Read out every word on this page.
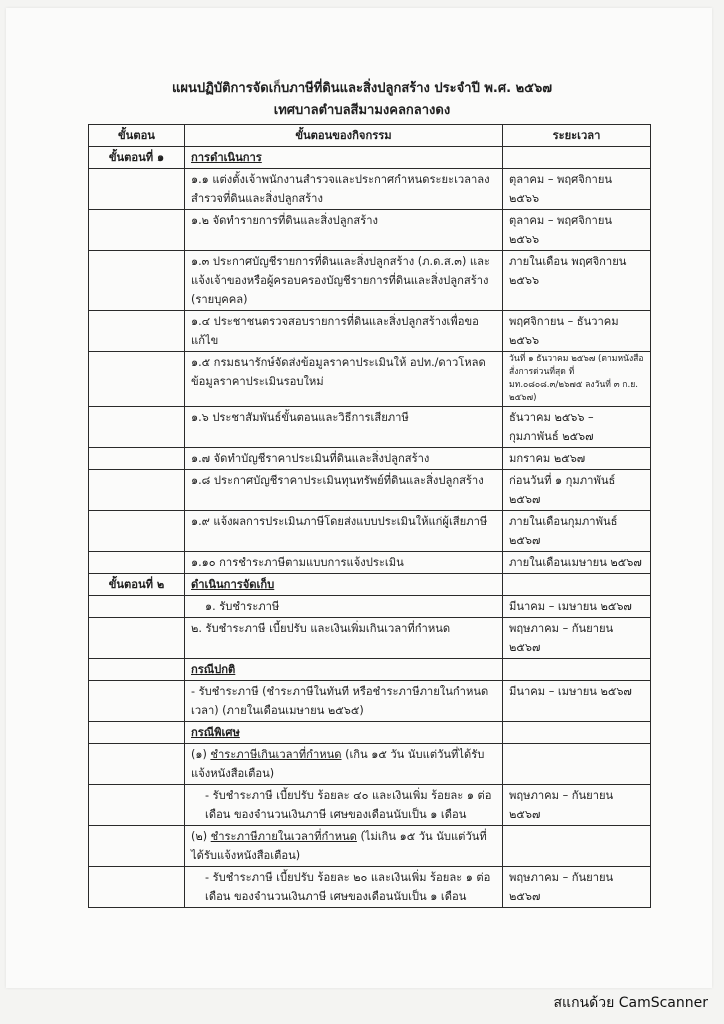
แผนปฏิบัติการจัดเก็บภาษีที่ดินและสิ่งปลูกสร้าง ประจำปี พ.ศ. ๒๕๖๗
เทศบาลตำบลสีมามงคลกลางดง
ขั้นตอน	ขั้นตอนของกิจกรรม	ระยะเวลา
ขั้นตอนที่ ๑	การดำเนินการ	
	๑.๑ แต่งตั้งเจ้าพนักงานสำรวจและประกาศกำหนดระยะเวลาลงสำรวจที่ดินและสิ่งปลูกสร้าง	ตุลาคม – พฤศจิกายน ๒๕๖๖
	๑.๒ จัดทำรายการที่ดินและสิ่งปลูกสร้าง	ตุลาคม – พฤศจิกายน ๒๕๖๖
	๑.๓ ประกาศบัญชีรายการที่ดินและสิ่งปลูกสร้าง (ภ.ด.ส.๓) และแจ้งเจ้าของหรือผู้ครอบครองบัญชีรายการที่ดินและสิ่งปลูกสร้าง (รายบุคคล)	ภายในเดือน พฤศจิกายน ๒๕๖๖
	๑.๔ ประชาชนตรวจสอบรายการที่ดินและสิ่งปลูกสร้างเพื่อขอแก้ไข	พฤศจิกายน – ธันวาคม ๒๕๖๖
	๑.๕ กรมธนารักษ์จัดส่งข้อมูลราคาประเมินให้ อปท./ดาวโหลดข้อมูลราคาประเมินรอบใหม่	วันที่ ๑ ธันวาคม ๒๕๖๗ (ตามหนังสือสั่งการด่วนที่สุด ที่ มท.๐๘๐๘.๓/๒๖๗๕ ลงวันที่ ๓ ก.ย. ๒๕๖๗)
	๑.๖ ประชาสัมพันธ์ขั้นตอนและวิธีการเสียภาษี	ธันวาคม ๒๕๖๖ – กุมภาพันธ์ ๒๕๖๗
	๑.๗ จัดทำบัญชีราคาประเมินที่ดินและสิ่งปลูกสร้าง	มกราคม ๒๕๖๗
	๑.๘ ประกาศบัญชีราคาประเมินทุนทรัพย์ที่ดินและสิ่งปลูกสร้าง	ก่อนวันที่ ๑ กุมภาพันธ์ ๒๕๖๗
	๑.๙ แจ้งผลการประเมินภาษีโดยส่งแบบประเมินให้แก่ผู้เสียภาษี	ภายในเดือนกุมภาพันธ์ ๒๕๖๗
	๑.๑๐ การชำระภาษีตามแบบการแจ้งประเมิน	ภายในเดือนเมษายน ๒๕๖๗
ขั้นตอนที่ ๒	ดำเนินการจัดเก็บ	
	๑. รับชำระภาษี	มีนาคม – เมษายน ๒๕๖๗
	๒. รับชำระภาษี เบี้ยปรับ และเงินเพิ่มเกินเวลาที่กำหนด	พฤษภาคม – กันยายน ๒๕๖๗
	กรณีปกติ	
	- รับชำระภาษี (ชำระภาษีในทันที หรือชำระภาษีภายในกำหนดเวลา) (ภายในเดือนเมษายน ๒๕๖๕)	มีนาคม – เมษายน ๒๕๖๗
	กรณีพิเศษ	
	(๑) ชำระภาษีเกินเวลาที่กำหนด (เกิน ๑๕ วัน นับแต่วันที่ได้รับแจ้งหนังสือเตือน)	
	- รับชำระภาษี เบี้ยปรับ ร้อยละ ๔๐ และเงินเพิ่ม ร้อยละ ๑ ต่อเดือน ของจำนวนเงินภาษี เศษของเดือนนับเป็น ๑ เดือน	พฤษภาคม – กันยายน ๒๕๖๗
	(๒) ชำระภาษีภายในเวลาที่กำหนด (ไม่เกิน ๑๕ วัน นับแต่วันที่ได้รับแจ้งหนังสือเตือน)	
	- รับชำระภาษี เบี้ยปรับ ร้อยละ ๒๐ และเงินเพิ่ม ร้อยละ ๑ ต่อเดือน ของจำนวนเงินภาษี เศษของเดือนนับเป็น ๑ เดือน	พฤษภาคม – กันยายน ๒๕๖๗
สแกนด้วย CamScanner
